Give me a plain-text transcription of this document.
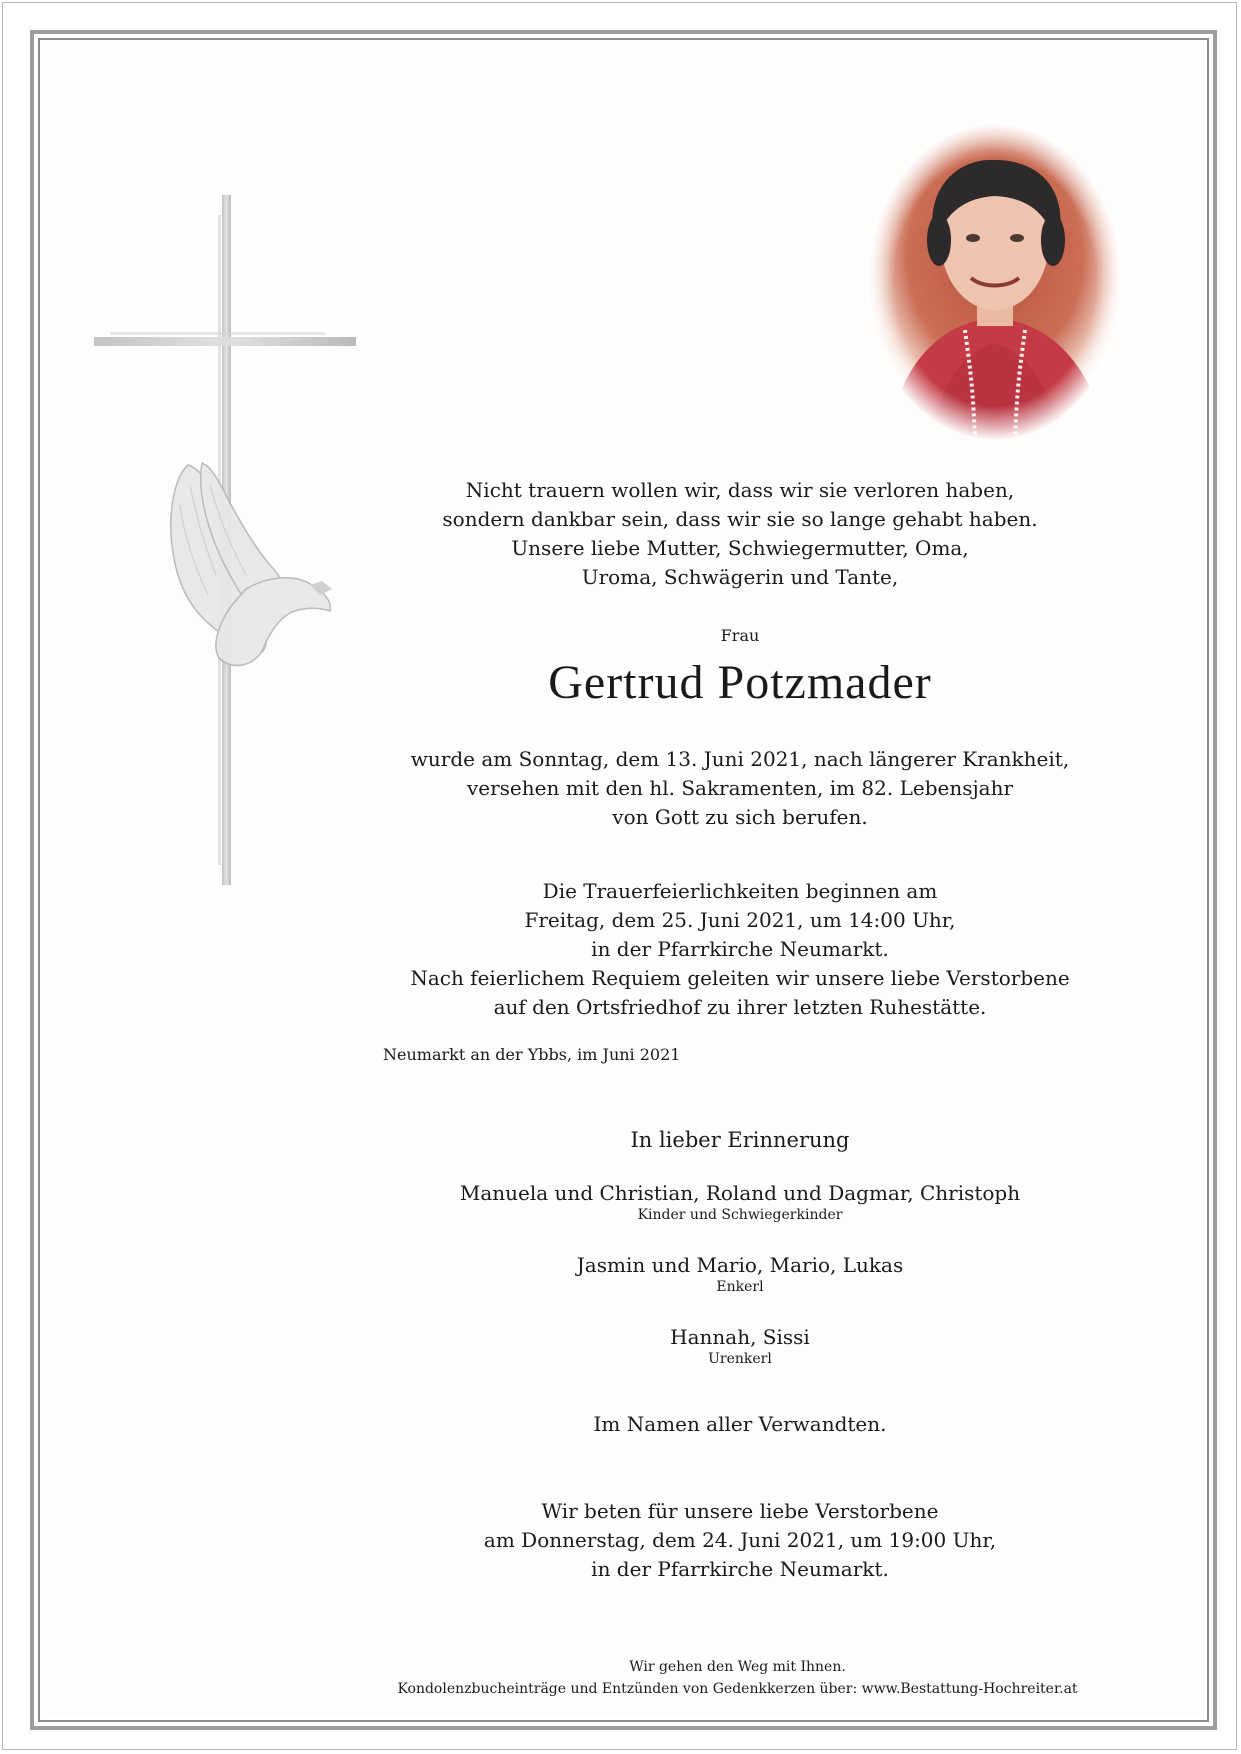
Nicht trauern wollen wir, dass wir sie verloren haben,
sondern dankbar sein, dass wir sie so lange gehabt haben.
Unsere liebe Mutter, Schwiegermutter, Oma,
Uroma, Schwägerin und Tante,
Frau
Gertrud Potzmader
wurde am Sonntag, dem 13. Juni 2021, nach längerer Krankheit,
versehen mit den hl. Sakramenten, im 82. Lebensjahr
von Gott zu sich berufen.
Die Trauerfeierlichkeiten beginnen am
Freitag, dem 25. Juni 2021, um 14:00 Uhr,
in der Pfarrkirche Neumarkt.
Nach feierlichem Requiem geleiten wir unsere liebe Verstorbene
auf den Ortsfriedhof zu ihrer letzten Ruhestätte.
Neumarkt an der Ybbs, im Juni 2021
In lieber Erinnerung
Manuela und Christian, Roland und Dagmar, Christoph
Kinder und Schwiegerkinder
Jasmin und Mario, Mario, Lukas
Enkerl
Hannah, Sissi
Urenkerl
Im Namen aller Verwandten.
Wir beten für unsere liebe Verstorbene
am Donnerstag, dem 24. Juni 2021, um 19:00 Uhr,
in der Pfarrkirche Neumarkt.
Wir gehen den Weg mit Ihnen.
Kondolenzbucheinträge und Entzünden von Gedenkkerzen über: www.Bestattung-Hochreiter.at
